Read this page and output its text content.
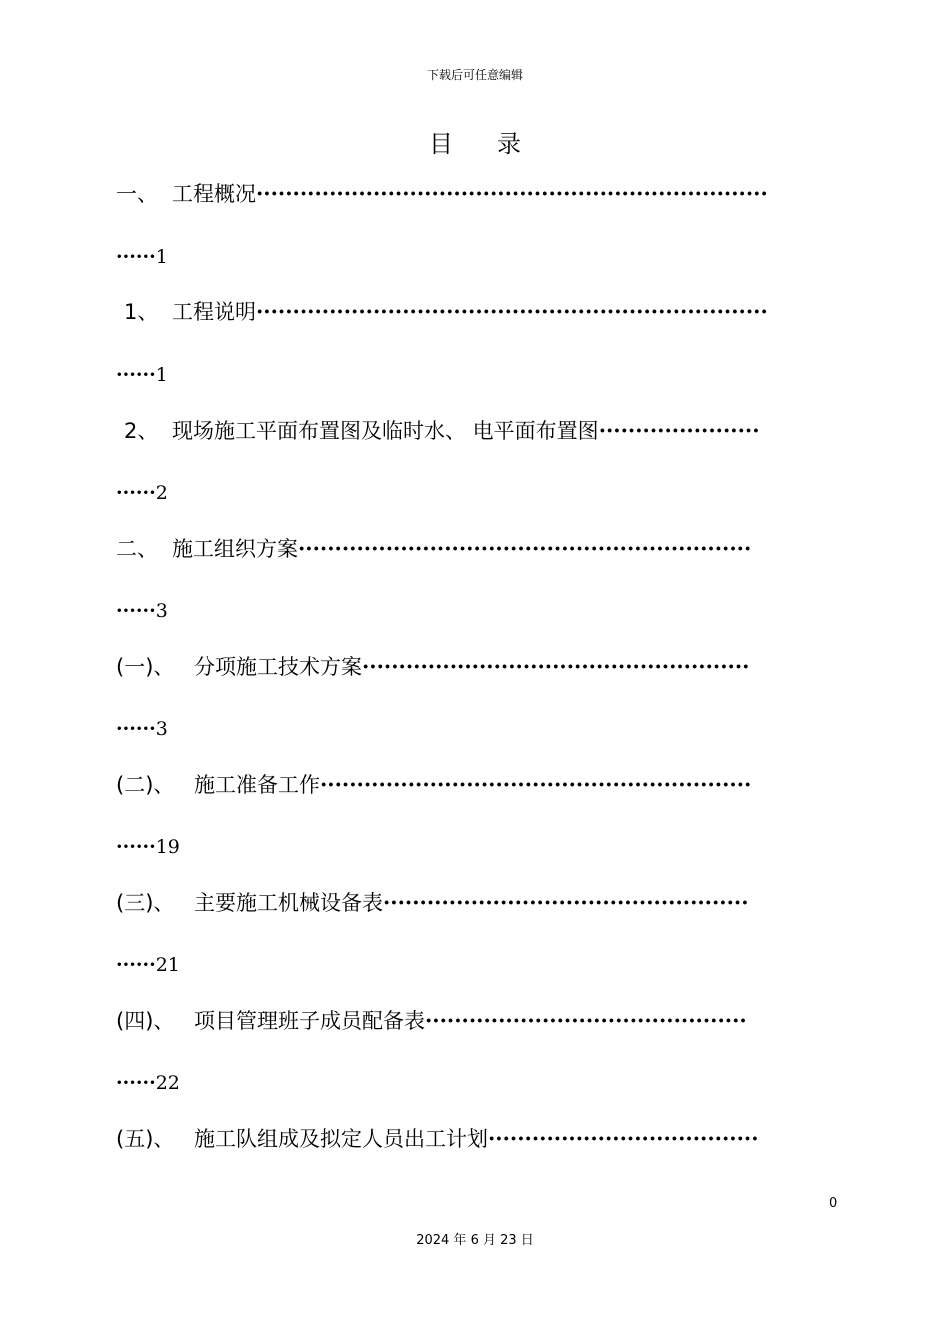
下载后可任意编辑
目 录
一、 工程概况······································································
······1
1、 工程说明······································································
······1
2、 现场施工平面布置图及临时水、 电平面布置图······················
······2
二、 施工组织方案······························································
······3
(一)、 分项施工技术方案·····················································
······3
(二)、 施工准备工作···························································
······19
(三)、 主要施工机械设备表··················································
······21
(四)、 项目管理班子成员配备表············································
······22
(五)、 施工队组成及拟定人员出工计划·····································
0
2024 年 6 月 23 日
